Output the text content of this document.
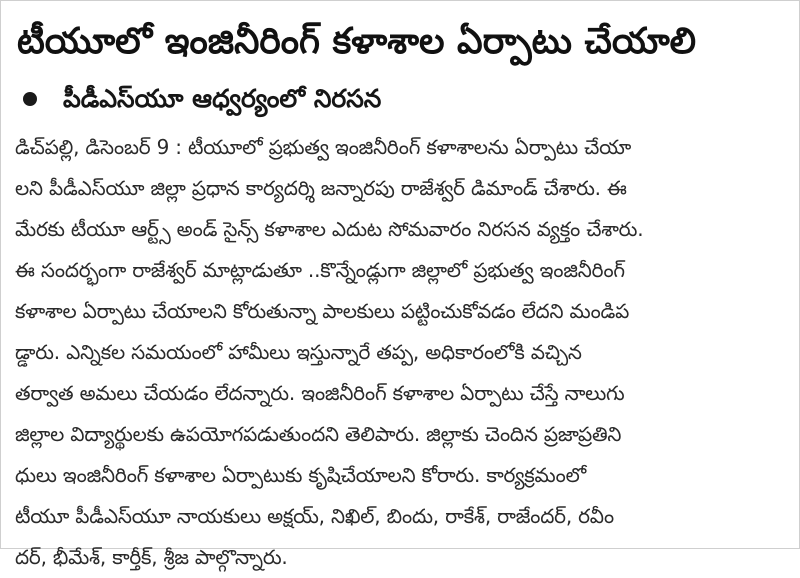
టీయూలో ఇంజినీరింగ్ కళాశాల ఏర్పాటు చేయాలి
పీడీఎస్‌యూ ఆధ్వర్యంలో నిరసన
డిచ్‌పల్లి, డిసెంబర్ 9 : టీయూలో ప్రభుత్వ ఇంజినీరింగ్ కళాశాలను ఏర్పాటు చేయా
లని పీడీఎస్‌యూ జిల్లా ప్రధాన కార్యదర్శి జన్నారపు రాజేశ్వర్ డిమాండ్ చేశారు. ఈ
మేరకు టీయూ ఆర్ట్స్ అండ్ సైన్స్ కళాశాల ఎదుట సోమవారం నిరసన వ్యక్తం చేశారు.
ఈ సందర్భంగా రాజేశ్వర్ మాట్లాడుతూ ..కొన్నేండ్లుగా జిల్లాలో ప్రభుత్వ ఇంజినీరింగ్
కళాశాల ఏర్పాటు చేయాలని కోరుతున్నా పాలకులు పట్టించుకోవడం లేదని మండిప
డ్డారు. ఎన్నికల సమయంలో హామీలు ఇస్తున్నారే తప్ప, అధికారంలోకి వచ్చిన
తర్వాత అమలు చేయడం లేదన్నారు. ఇంజినీరింగ్ కళాశాల ఏర్పాటు చేస్తే నాలుగు
జిల్లాల విద్యార్థులకు ఉపయోగపడుతుందని తెలిపారు. జిల్లాకు చెందిన ప్రజాప్రతిని
ధులు ఇంజినీరింగ్ కళాశాల ఏర్పాటుకు కృషిచేయాలని కోరారు. కార్యక్రమంలో
టీయూ పీడీఎస్‌యూ నాయకులు అక్షయ్, నిఖిల్, బిందు, రాకేశ్, రాజేందర్, రవీం
దర్, భీమేశ్, కార్తీక్, శ్రీజ పాల్గొన్నారు.
